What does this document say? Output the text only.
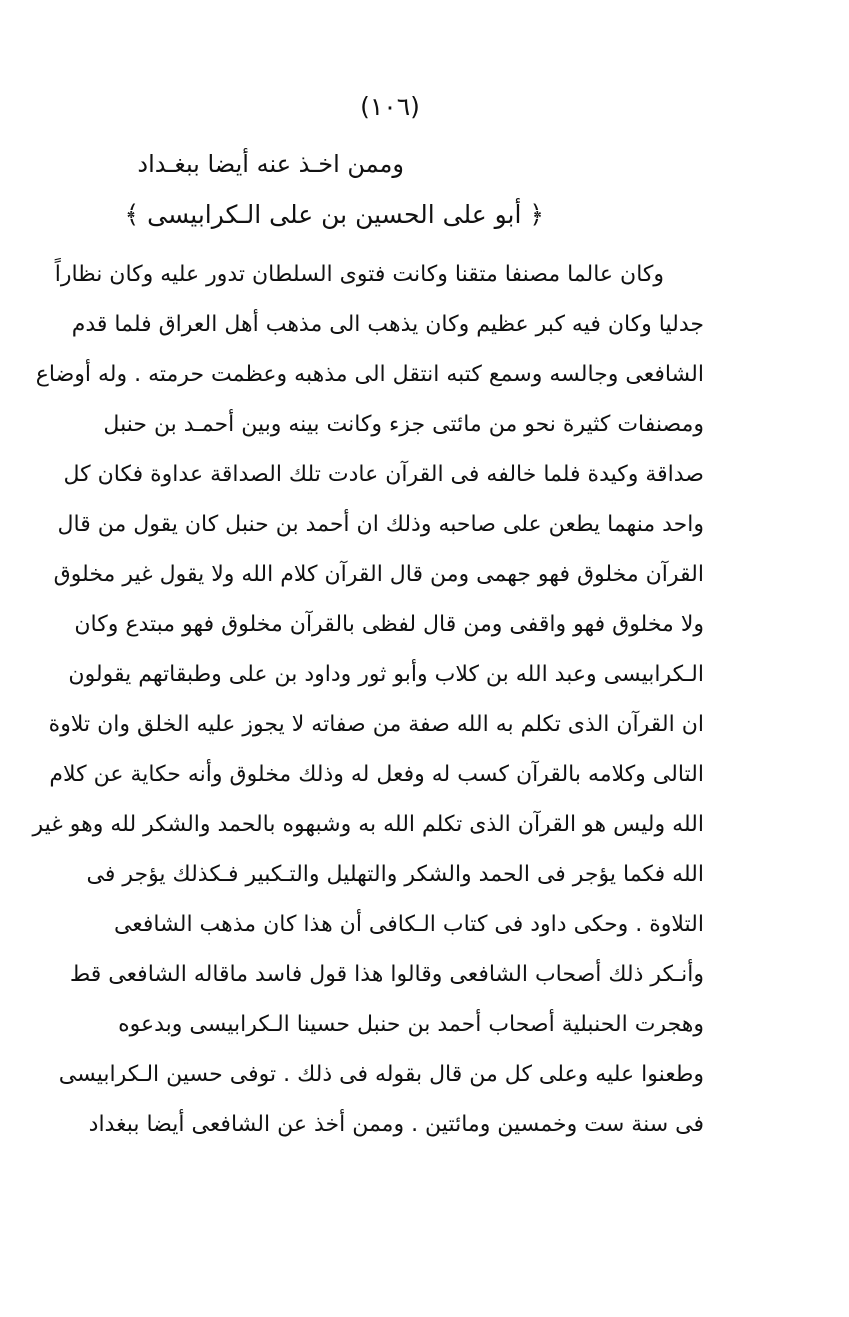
(١٠٦)
وممن اخـذ عنه أيضا ببغـداد
﴿ أبو على الحسين بن على الـكرابيسى ﴾
وكان عالما مصنفا متقنا وكانت فتوى السلطان تدور عليه وكان نظاراً
جدليا وكان فيه كبر عظيم وكان يذهب الى مذهب أهل العراق فلما قدم
الشافعى وجالسه وسمع كتبه انتقل الى مذهبه وعظمت حرمته . وله أوضاع
ومصنفات كثيرة نحو من مائتى جزء وكانت بينه وبين أحمـد بن حنبل
صداقة وكيدة فلما خالفه فى القرآن عادت تلك الصداقة عداوة فكان كل
واحد منهما يطعن على صاحبه وذلك ان أحمد بن حنبل كان يقول من قال
القرآن مخلوق فهو جهمى ومن قال القرآن كلام الله ولا يقول غير مخلوق
ولا مخلوق فهو واقفى ومن قال لفظى بالقرآن مخلوق فهو مبتدع وكان
الـكرابيسى وعبد الله بن كلاب وأبو ثور وداود بن على وطبقاتهم يقولون
ان القرآن الذى تكلم به الله صفة من صفاته لا يجوز عليه الخلق وان تلاوة
التالى وكلامه بالقرآن كسب له وفعل له وذلك مخلوق وأنه حكاية عن كلام
الله وليس هو القرآن الذى تكلم الله به وشبهوه بالحمد والشكر لله وهو غير
الله فكما يؤجر فى الحمد والشكر والتهليل والتـكبير فـكذلك يؤجر فى
التلاوة . وحكى داود فى كتاب الـكافى أن هذا كان مذهب الشافعى
وأنـكر ذلك أصحاب الشافعى وقالوا هذا قول فاسد ماقاله الشافعى قط
وهجرت الحنبلية أصحاب أحمد بن حنبل حسينا الـكرابيسى وبدعوه
وطعنوا عليه وعلى كل من قال بقوله فى ذلك . توفى حسين الـكرابيسى
فى سنة ست وخمسين ومائتين . وممن أخذ عن الشافعى أيضا ببغداد
